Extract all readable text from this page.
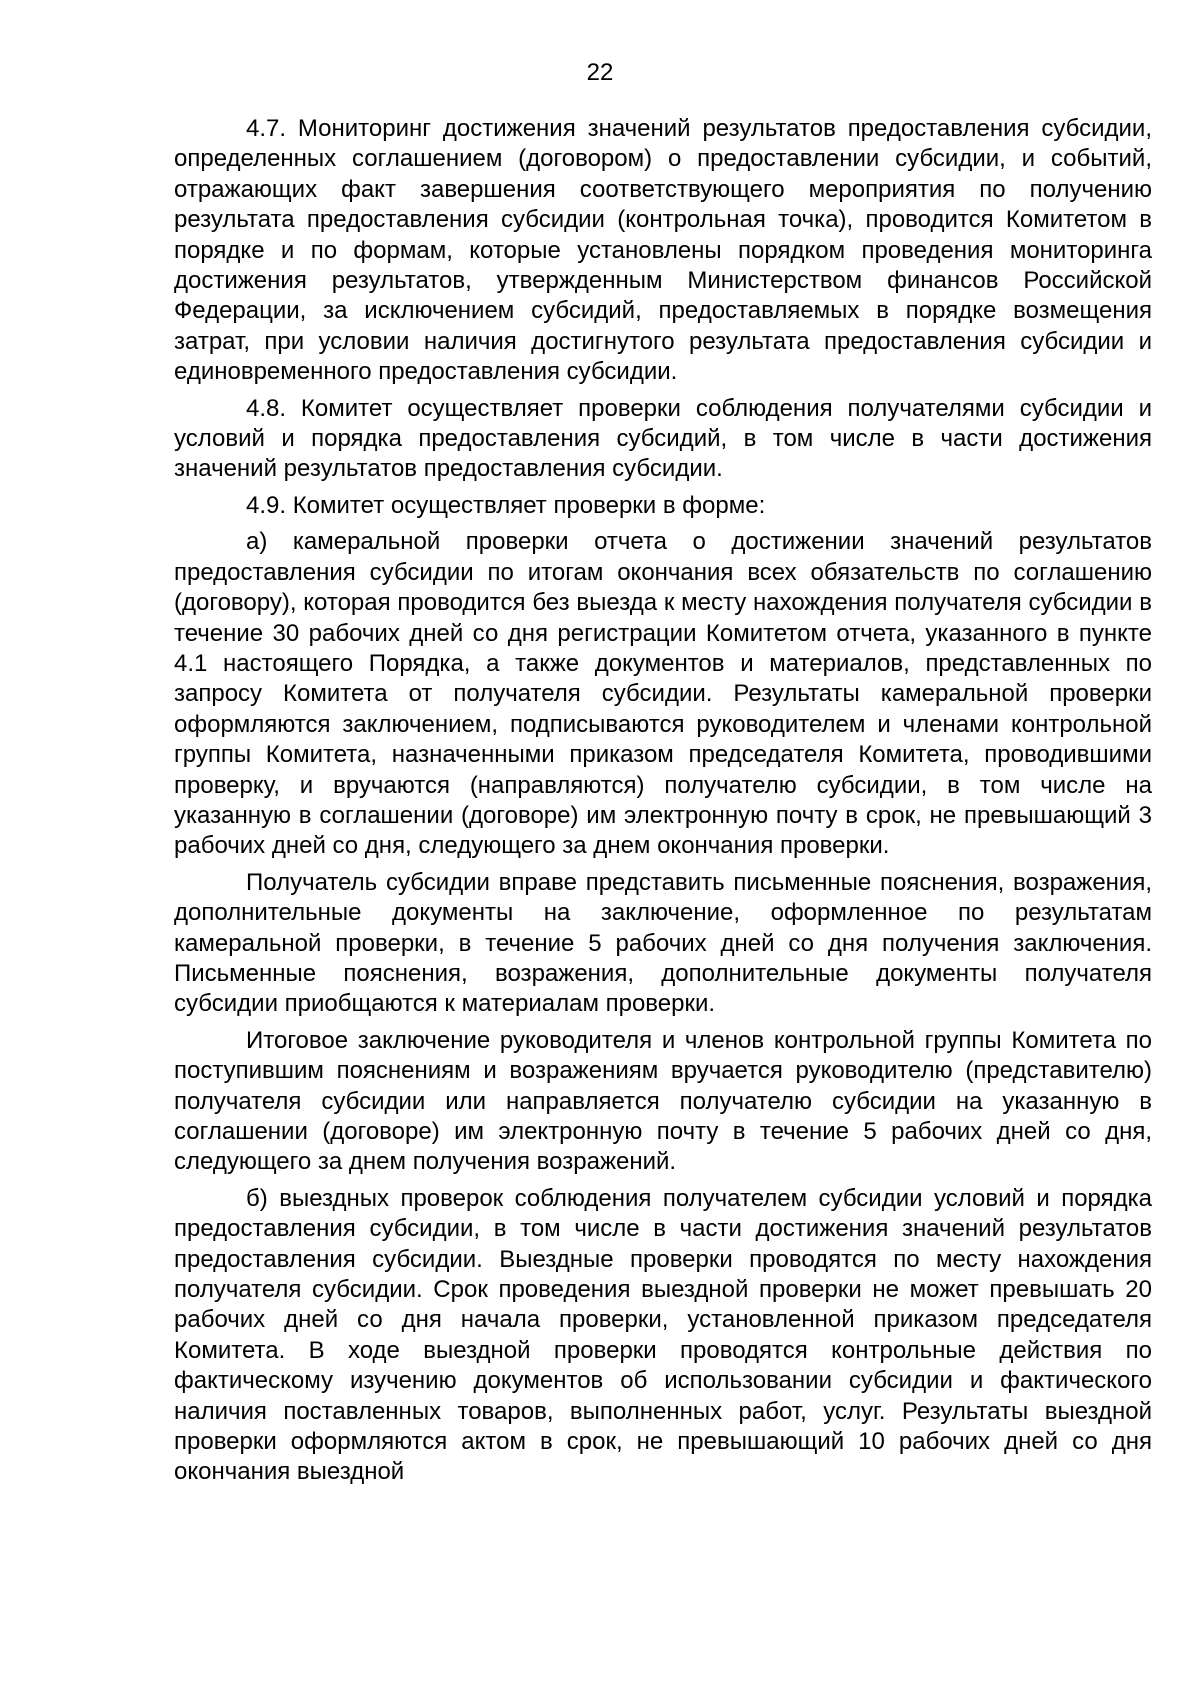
22

4.7. Мониторинг достижения значений результатов предоставления субсидии, определенных соглашением (договором) о предоставлении субсидии, и событий, отражающих факт завершения соответствующего мероприятия по получению результата предоставления субсидии (контрольная точка), проводится Комитетом в порядке и по формам, которые установлены порядком проведения мониторинга достижения результатов, утвержденным Министерством финансов Российской Федерации, за исключением субсидий, предоставляемых в порядке возмещения затрат, при условии наличия достигнутого результата предоставления субсидии и единовременного предоставления субсидии.

4.8. Комитет осуществляет проверки соблюдения получателями субсидии и условий и порядка предоставления субсидий, в том числе в части достижения значений результатов предоставления субсидии.

4.9. Комитет осуществляет проверки в форме:

а) камеральной проверки отчета о достижении значений результатов предоставления субсидии по итогам окончания всех обязательств по соглашению (договору), которая проводится без выезда к месту нахождения получателя субсидии в течение 30 рабочих дней со дня регистрации Комитетом отчета, указанного в пункте 4.1 настоящего Порядка, а также документов и материалов, представленных по запросу Комитета от получателя субсидии. Результаты камеральной проверки оформляются заключением, подписываются руководителем и членами контрольной группы Комитета, назначенными приказом председателя Комитета, проводившими проверку, и вручаются (направляются) получателю субсидии, в том числе на указанную в соглашении (договоре) им электронную почту в срок, не превышающий 3 рабочих дней со дня, следующего за днем окончания проверки.

Получатель субсидии вправе представить письменные пояснения, возражения, дополнительные документы на заключение, оформленное по результатам камеральной проверки, в течение 5 рабочих дней со дня получения заключения. Письменные пояснения, возражения, дополнительные документы получателя субсидии приобщаются к материалам проверки.

Итоговое заключение руководителя и членов контрольной группы Комитета по поступившим пояснениям и возражениям вручается руководителю (представителю) получателя субсидии или направляется получателю субсидии на указанную в соглашении (договоре) им электронную почту в течение 5 рабочих дней со дня, следующего за днем получения возражений.

б) выездных проверок соблюдения получателем субсидии условий и порядка предоставления субсидии, в том числе в части достижения значений результатов предоставления субсидии. Выездные проверки проводятся по месту нахождения получателя субсидии. Срок проведения выездной проверки не может превышать 20 рабочих дней со дня начала проверки, установленной приказом председателя Комитета. В ходе выездной проверки проводятся контрольные действия по фактическому изучению документов об использовании субсидии и фактического наличия поставленных товаров, выполненных работ, услуг. Результаты выездной проверки оформляются актом в срок, не превышающий 10 рабочих дней со дня окончания выездной
